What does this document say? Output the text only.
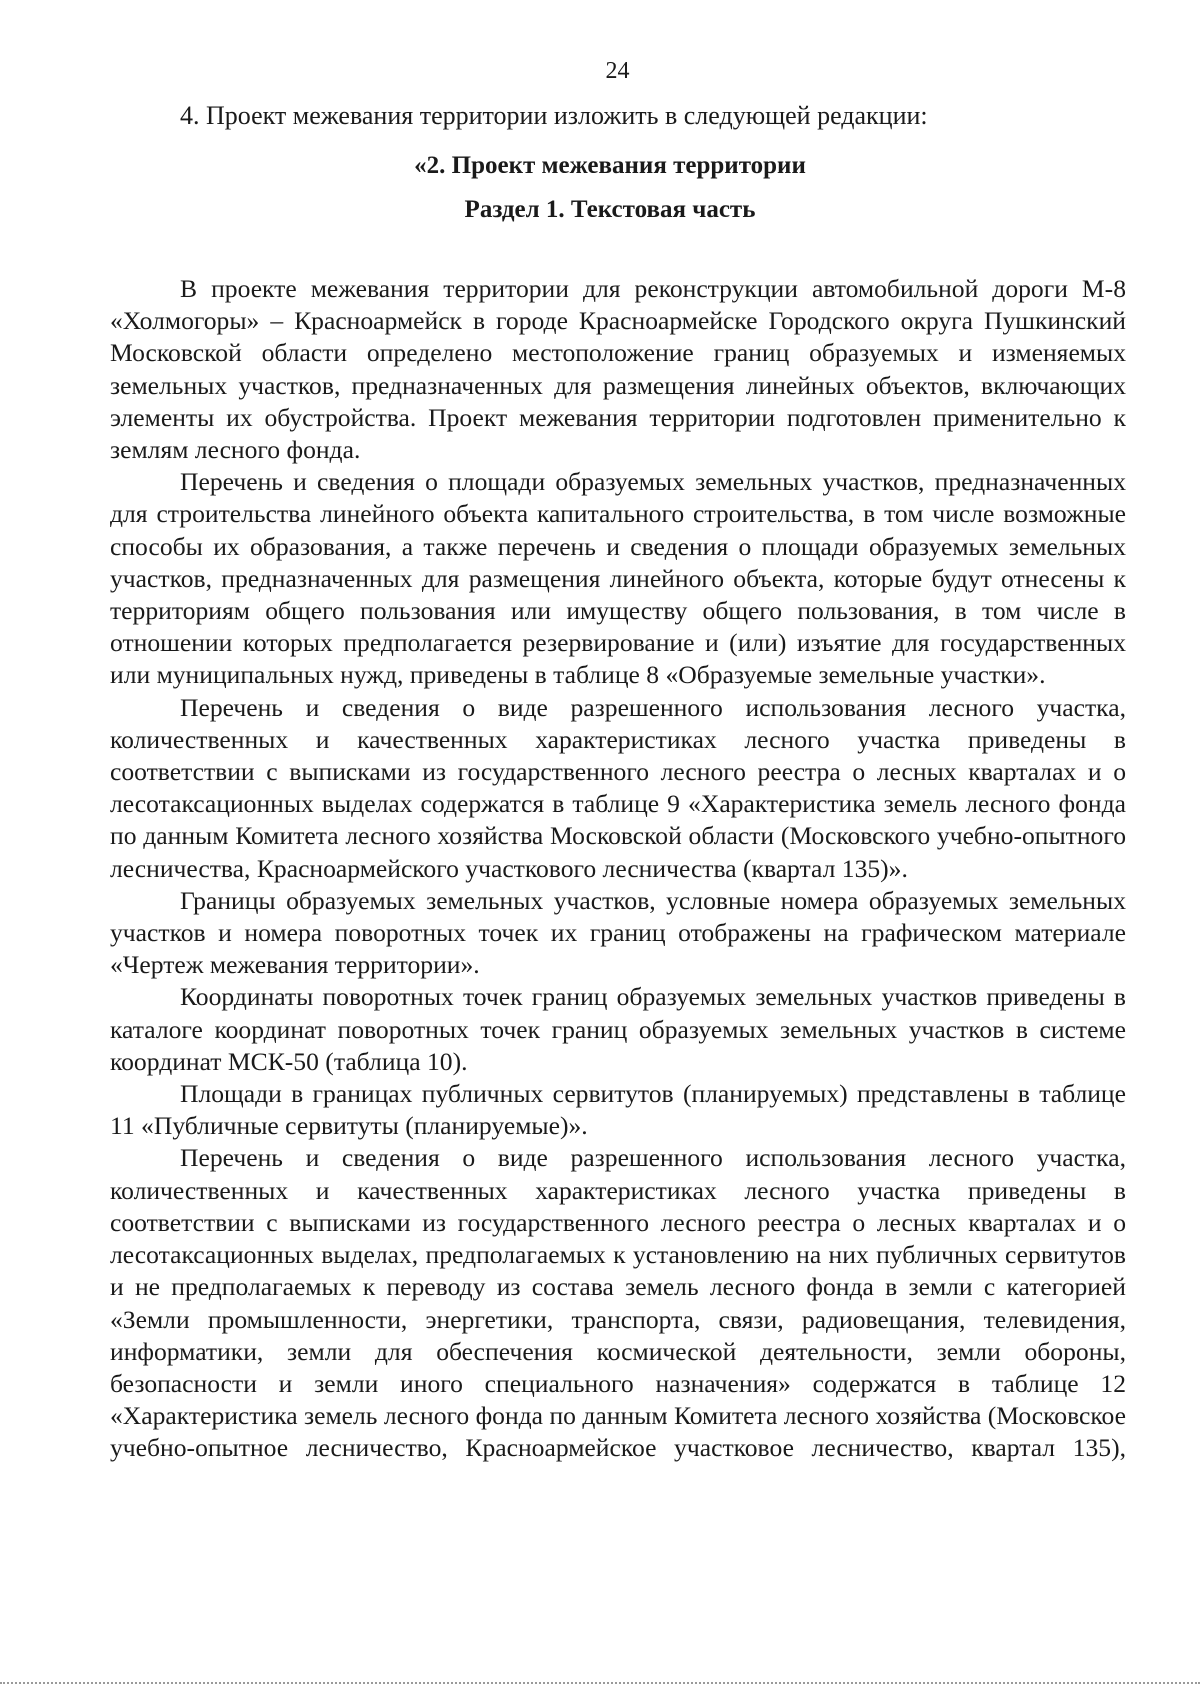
24
4. Проект межевания территории изложить в следующей редакции:
«2. Проект межевания территории
Раздел 1. Текстовая часть

В проекте межевания территории для реконструкции автомобильной дороги М-8 «Холмогоры» – Красноармейск в городе Красноармейске Городского округа Пушкинский Московской области определено местоположение границ образуемых и изменяемых земельных участков, предназначенных для размещения линейных объектов, включающих элементы их обустройства. Проект межевания территории подготовлен применительно к землям лесного фонда.

Перечень и сведения о площади образуемых земельных участков, предназначенных для строительства линейного объекта капитального строительства, в том числе возможные способы их образования, а также перечень и сведения о площади образуемых земельных участков, предназначенных для размещения линейного объекта, которые будут отнесены к территориям общего пользования или имуществу общего пользования, в том числе в отношении которых предполагается резервирование и (или) изъятие для государственных или муниципальных нужд, приведены в таблице 8 «Образуемые земельные участки».

Перечень и сведения о виде разрешенного использования лесного участка, количественных и качественных характеристиках лесного участка приведены в соответствии с выписками из государственного лесного реестра о лесных кварталах и о лесотаксационных выделах содержатся в таблице 9 «Характеристика земель лесного фонда по данным Комитета лесного хозяйства Московской области (Московского учебно-опытного лесничества, Красноармейского участкового лесничества (квартал 135)».

Границы образуемых земельных участков, условные номера образуемых земельных участков и номера поворотных точек их границ отображены на графическом материале «Чертеж межевания территории».

Координаты поворотных точек границ образуемых земельных участков приведены в каталоге координат поворотных точек границ образуемых земельных участков в системе координат МСК-50 (таблица 10).

Площади в границах публичных сервитутов (планируемых) представлены в таблице 11 «Публичные сервитуты (планируемые)».

Перечень и сведения о виде разрешенного использования лесного участка, количественных и качественных характеристиках лесного участка приведены в соответствии с выписками из государственного лесного реестра о лесных кварталах и о лесотаксационных выделах, предполагаемых к установлению на них публичных сервитутов и не предполагаемых к переводу из состава земель лесного фонда в земли с категорией «Земли промышленности, энергетики, транспорта, связи, радиовещания, телевидения, информатики, земли для обеспечения космической деятельности, земли обороны, безопасности и земли иного специального назначения» содержатся в таблице 12 «Характеристика земель лесного фонда по данным Комитета лесного хозяйства (Московское учебно-опытное лесничество, Красноармейское участковое лесничество, квартал 135),
